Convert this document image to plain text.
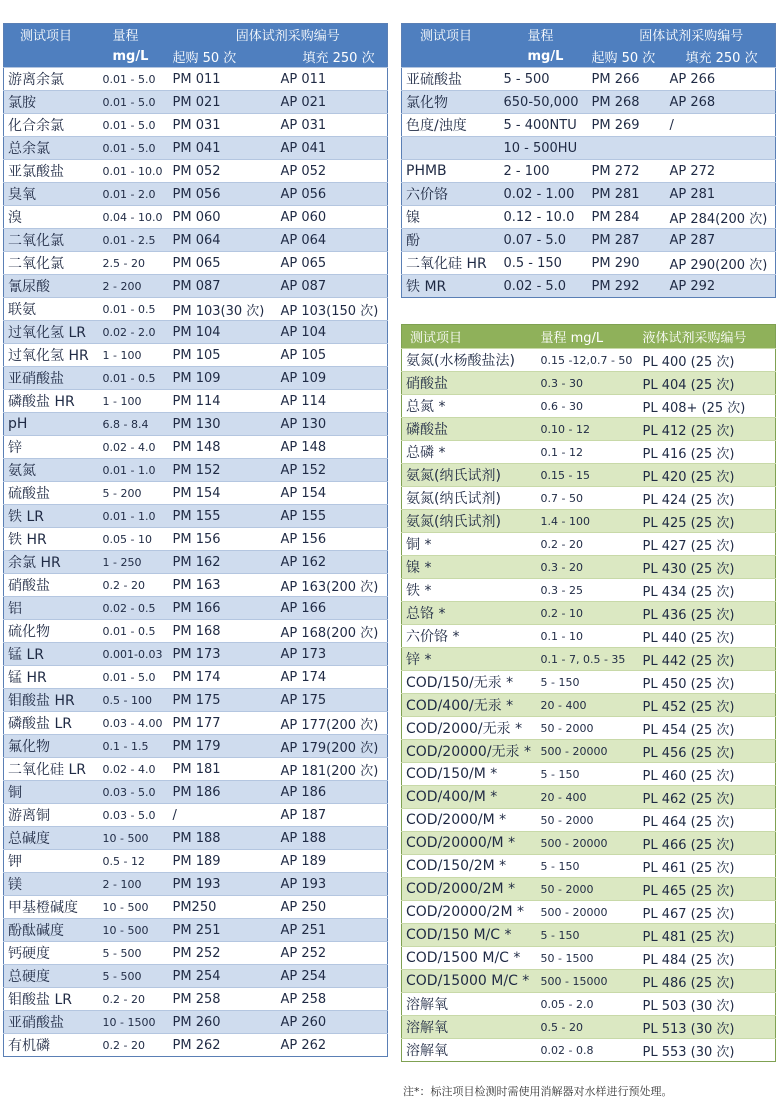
测试项目	量程	固体试剂采购编号	
	mg/L	起购 50 次	填充 250 次
游离余氯	0.01 - 5.0	PM 011	AP 011
氯胺	0.01 - 5.0	PM 021	AP 021
化合余氯	0.01 - 5.0	PM 031	AP 031
总余氯	0.01 - 5.0	PM 041	AP 041
亚氯酸盐	0.01 - 10.0	PM 052	AP 052
臭氧	0.01 - 2.0	PM 056	AP 056
溴	0.04 - 10.0	PM 060	AP 060
二氧化氯	0.01 - 2.5	PM 064	AP 064
二氧化氯	2.5 - 20	PM 065	AP 065
氰尿酸	2 - 200	PM 087	AP 087
联氨	0.01 - 0.5	PM 103(30 次)	AP 103(150 次)
过氧化氢 LR	0.02 - 2.0	PM 104	AP 104
过氧化氢 HR	1 - 100	PM 105	AP 105
亚硝酸盐	0.01 - 0.5	PM 109	AP 109
磷酸盐 HR	1 - 100	PM 114	AP 114
pH	6.8 - 8.4	PM 130	AP 130
锌	0.02 - 4.0	PM 148	AP 148
氨氮	0.01 - 1.0	PM 152	AP 152
硫酸盐	5 - 200	PM 154	AP 154
铁 LR	0.01 - 1.0	PM 155	AP 155
铁 HR	0.05 - 10	PM 156	AP 156
余氯 HR	1 - 250	PM 162	AP 162
硝酸盐	0.2 - 20	PM 163	AP 163(200 次)
铝	0.02 - 0.5	PM 166	AP 166
硫化物	0.01 - 0.5	PM 168	AP 168(200 次)
锰 LR	0.001-0.03	PM 173	AP 173
锰 HR	0.01 - 5.0	PM 174	AP 174
钼酸盐 HR	0.5 - 100	PM 175	AP 175
磷酸盐 LR	0.03 - 4.00	PM 177	AP 177(200 次)
氟化物	0.1 - 1.5	PM 179	AP 179(200 次)
二氧化硅 LR	0.02 - 4.0	PM 181	AP 181(200 次)
铜	0.03 - 5.0	PM 186	AP 186
游离铜	0.03 - 5.0	/	AP 187
总碱度	10 - 500	PM 188	AP 188
钾	0.5 - 12	PM 189	AP 189
镁	2 - 100	PM 193	AP 193
甲基橙碱度	10 - 500	PM250	AP 250
酚酞碱度	10 - 500	PM 251	AP 251
钙硬度	5 - 500	PM 252	AP 252
总硬度	5 - 500	PM 254	AP 254
钼酸盐 LR	0.2 - 20	PM 258	AP 258
亚硝酸盐	10 - 1500	PM 260	AP 260
有机磷	0.2 - 20	PM 262	AP 262
测试项目	量程	固体试剂采购编号	
	mg/L	起购 50 次	填充 250 次
亚硫酸盐	5 - 500	PM 266	AP 266
氯化物	650-50,000	PM 268	AP 268
色度/浊度	5 - 400NTU	PM 269	/
	10 - 500HU		
PHMB	2 - 100	PM 272	AP 272
六价铬	0.02 - 1.00	PM 281	AP 281
镍	0.12 - 10.0	PM 284	AP 284(200 次)
酚	0.07 - 5.0	PM 287	AP 287
二氧化硅 HR	0.5 - 150	PM 290	AP 290(200 次)
铁 MR	0.02 - 5.0	PM 292	AP 292
测试项目	量程 mg/L	液体试剂采购编号
氨氮(水杨酸盐法)	0.15 -12,0.7 - 50	PL 400 (25 次)
硝酸盐	0.3 - 30	PL 404 (25 次)
总氮 *	0.6 - 30	PL 408+ (25 次)
磷酸盐	0.10 - 12	PL 412 (25 次)
总磷 *	0.1 - 12	PL 416 (25 次)
氨氮(纳氏试剂)	0.15 - 15	PL 420 (25 次)
氨氮(纳氏试剂)	0.7 - 50	PL 424 (25 次)
氨氮(纳氏试剂)	1.4 - 100	PL 425 (25 次)
铜 *	0.2 - 20	PL 427 (25 次)
镍 *	0.3 - 20	PL 430 (25 次)
铁 *	0.3 - 25	PL 434 (25 次)
总铬 *	0.2 - 10	PL 436 (25 次)
六价铬 *	0.1 - 10	PL 440 (25 次)
锌 *	0.1 - 7, 0.5 - 35	PL 442 (25 次)
COD/150/无汞 *	5 - 150	PL 450 (25 次)
COD/400/无汞 *	20 - 400	PL 452 (25 次)
COD/2000/无汞 *	50 - 2000	PL 454 (25 次)
COD/20000/无汞 *	500 - 20000	PL 456 (25 次)
COD/150/M *	5 - 150	PL 460 (25 次)
COD/400/M *	20 - 400	PL 462 (25 次)
COD/2000/M *	50 - 2000	PL 464 (25 次)
COD/20000/M *	500 - 20000	PL 466 (25 次)
COD/150/2M *	5 - 150	PL 461 (25 次)
COD/2000/2M *	50 - 2000	PL 465 (25 次)
COD/20000/2M *	500 - 20000	PL 467 (25 次)
COD/150 M/C *	5 - 150	PL 481 (25 次)
COD/1500 M/C *	50 - 1500	PL 484 (25 次)
COD/15000 M/C *	500 - 15000	PL 486 (25 次)
溶解氧	0.05 - 2.0	PL 503 (30 次)
溶解氧	0.5 - 20	PL 513 (30 次)
溶解氧	0.02 - 0.8	PL 553 (30 次)
注*：标注项目检测时需使用消解器对水样进行预处理。
